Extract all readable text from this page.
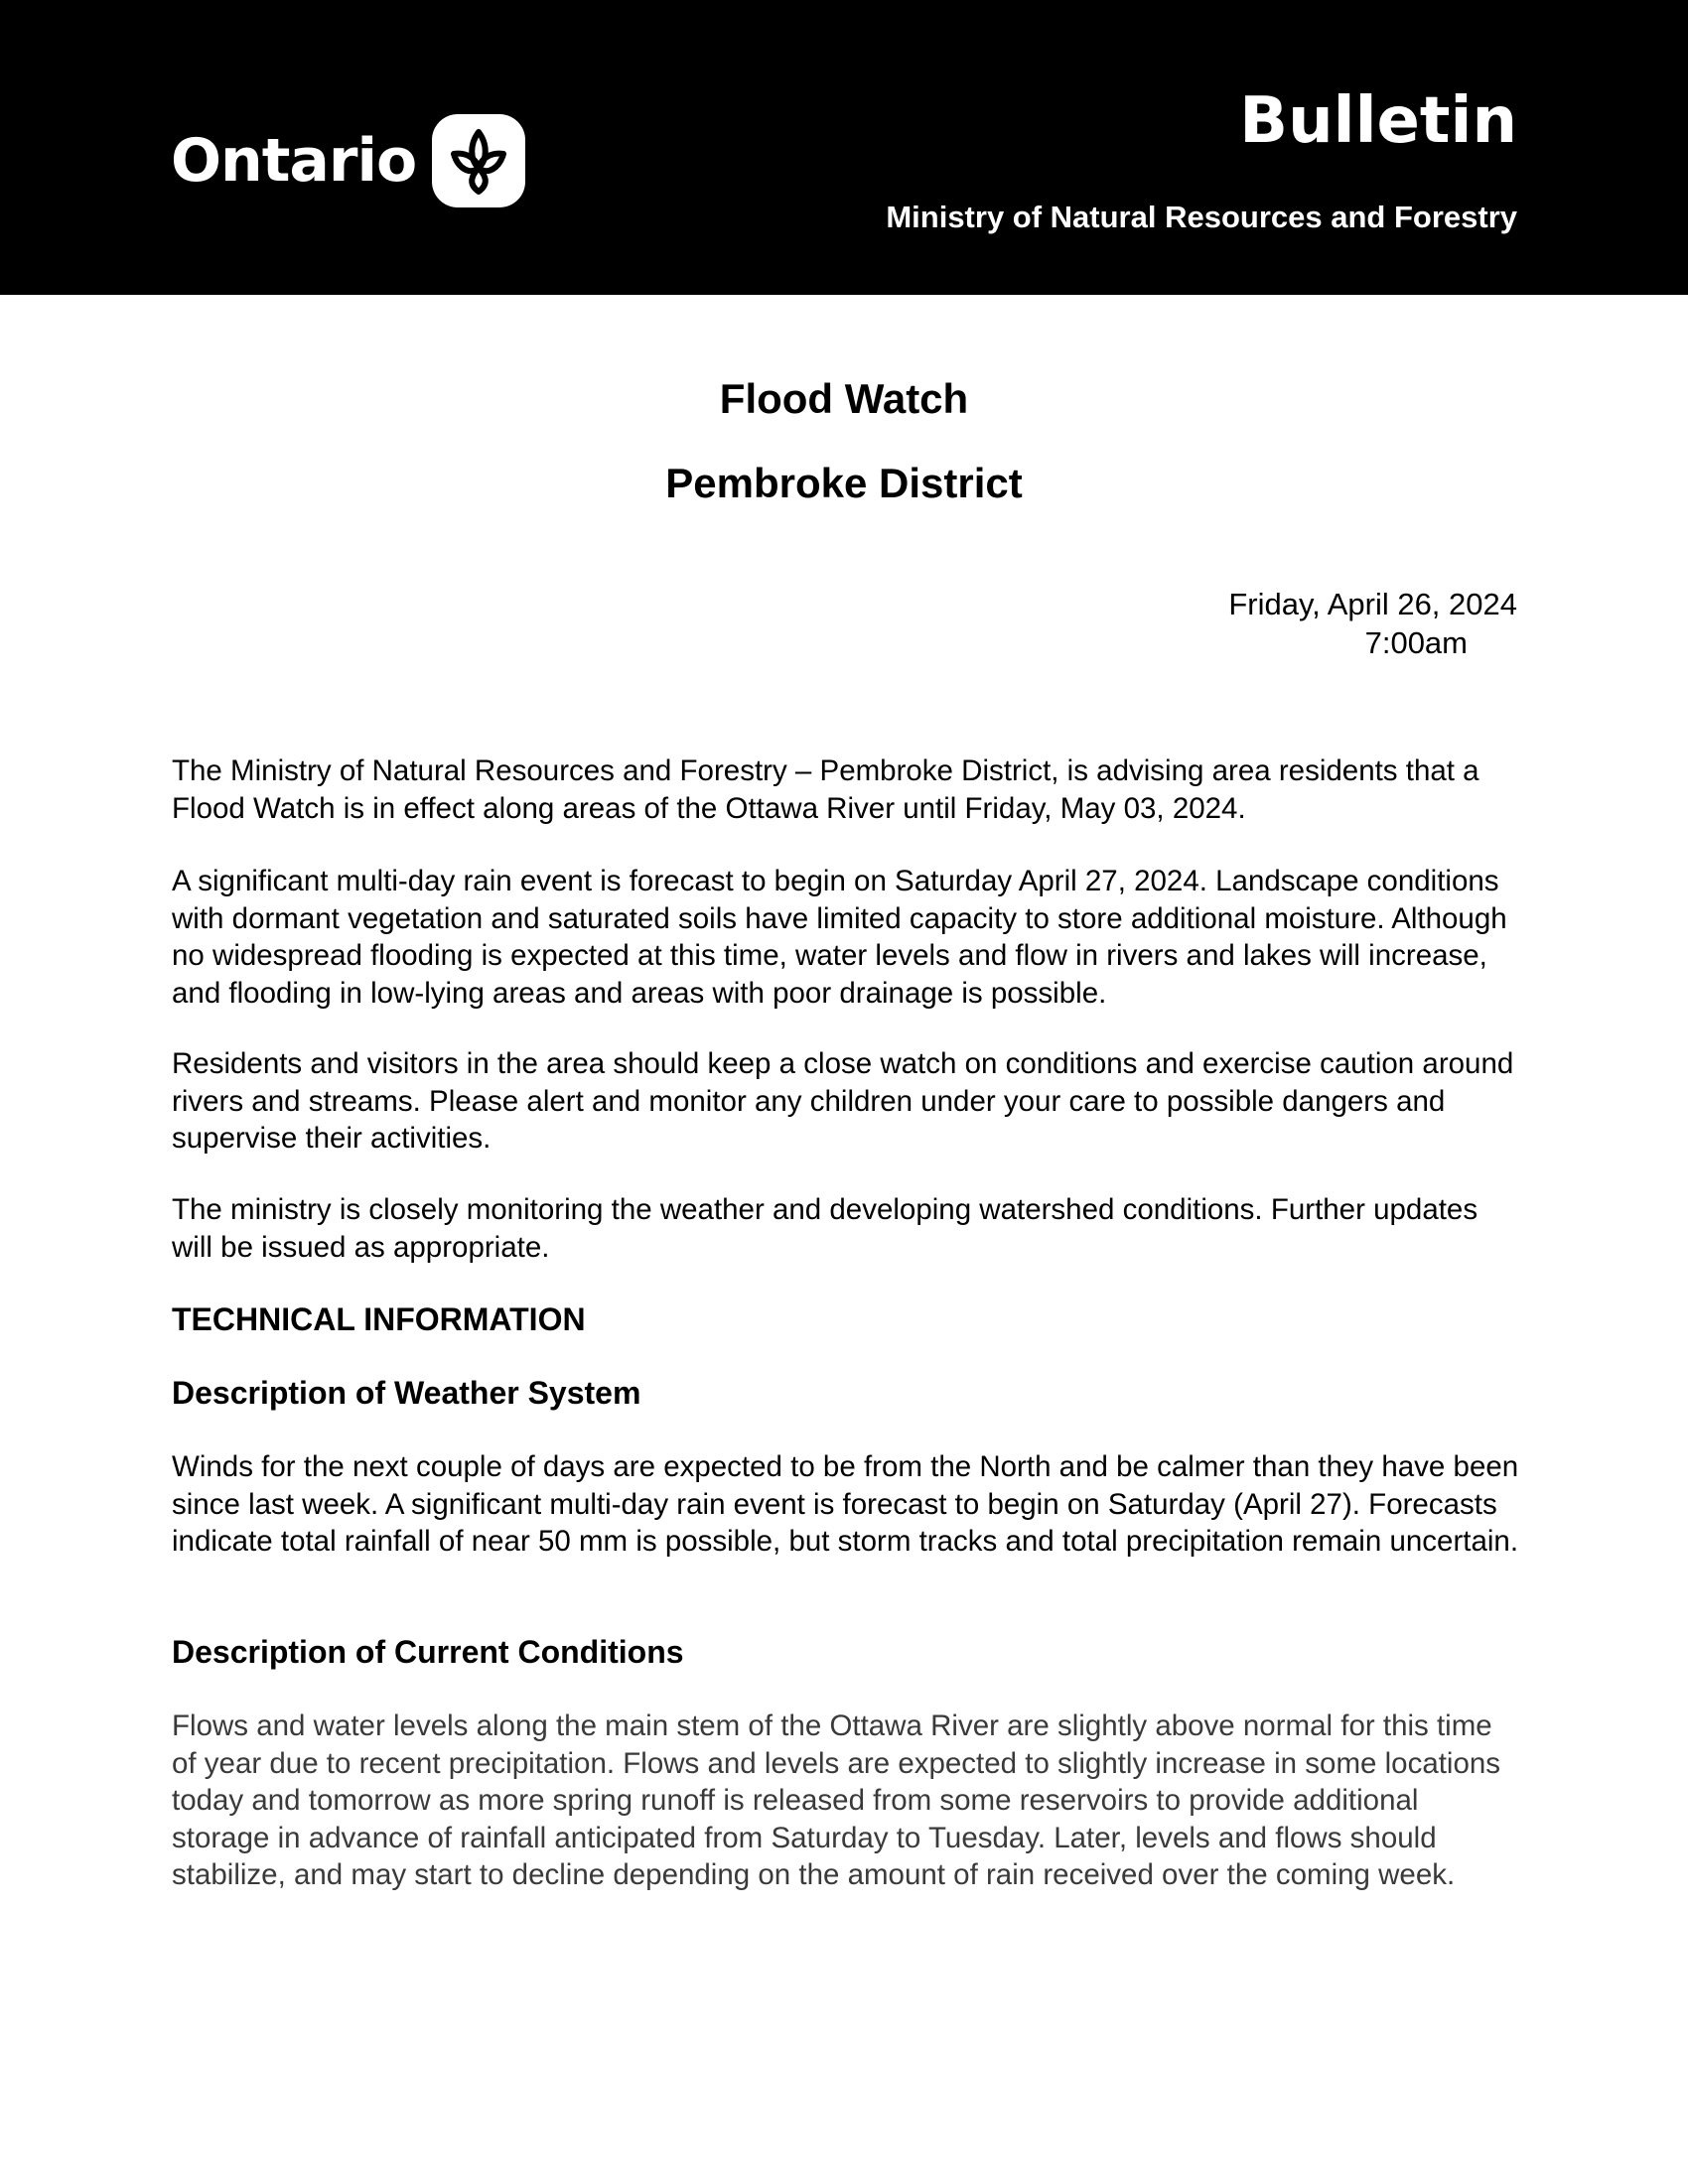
Ontario
Bulletin
Ministry of Natural Resources and Forestry
Flood Watch
Pembroke District
Friday, April 26, 2024
7:00am

The Ministry of Natural Resources and Forestry – Pembroke District, is advising area residents that a Flood Watch is in effect along areas of the Ottawa River until Friday, May 03, 2024.

A significant multi-day rain event is forecast to begin on Saturday April 27, 2024. Landscape conditions with dormant vegetation and saturated soils have limited capacity to store additional moisture. Although no widespread flooding is expected at this time, water levels and flow in rivers and lakes will increase, and flooding in low-lying areas and areas with poor drainage is possible.

Residents and visitors in the area should keep a close watch on conditions and exercise caution around rivers and streams. Please alert and monitor any children under your care to possible dangers and supervise their activities.

The ministry is closely monitoring the weather and developing watershed conditions. Further updates will be issued as appropriate.

TECHNICAL INFORMATION
Description of Weather System

Winds for the next couple of days are expected to be from the North and be calmer than they have been since last week. A significant multi-day rain event is forecast to begin on Saturday (April 27). Forecasts indicate total rainfall of near 50 mm is possible, but storm tracks and total precipitation remain uncertain.

Description of Current Conditions

Flows and water levels along the main stem of the Ottawa River are slightly above normal for this time of year due to recent precipitation. Flows and levels are expected to slightly increase in some locations today and tomorrow as more spring runoff is released from some reservoirs to provide additional storage in advance of rainfall anticipated from Saturday to Tuesday. Later, levels and flows should stabilize, and may start to decline depending on the amount of rain received over the coming week.
